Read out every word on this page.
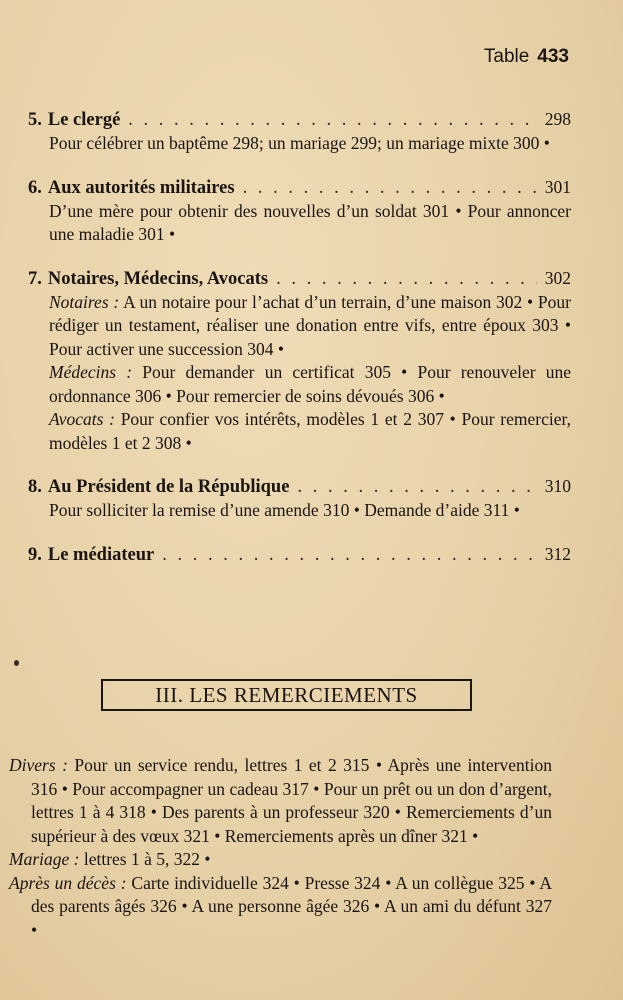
Table 433
5. Le clergé . . .	298

Pour célébrer un baptême 298; un mariage 299; un mariage mixte 300 •

6. Aux autorités militaires . . .	301

D’une mère pour obtenir des nouvelles d’un soldat 301 • Pour annoncer une maladie 301 •

7. Notaires, Médecins, Avocats . . .	302

Notaires : A un notaire pour l’achat d’un terrain, d’une maison 302 • Pour rédiger un testament, réaliser une donation entre vifs, entre époux 303 • Pour activer une succession 304 •

Médecins : Pour demander un certificat 305 • Pour renouveler une ordonnance 306 • Pour remercier de soins dévoués 306 •

Avocats : Pour confier vos intérêts, modèles 1 et 2 307 • Pour remercier, modèles 1 et 2 308 •

8. Au Président de la République . . .	310

Pour solliciter la remise d’une amende 310 • Demande d’aide 311 •

9. Le médiateur . . .	312
III. LES REMERCIEMENTS

Divers : Pour un service rendu, lettres 1 et 2 315 • Après une intervention 316 • Pour accompagner un cadeau 317 • Pour un prêt ou un don d’argent, lettres 1 à 4 318 • Des parents à un professeur 320 • Remerciements d’un supérieur à des vœux 321 • Remerciements après un dîner 321 •

Mariage : lettres 1 à 5, 322 •

Après un décès : Carte individuelle 324 • Presse 324 • A un collègue 325 • A des parents âgés 326 • A une personne âgée 326 • A un ami du défunt 327 •
